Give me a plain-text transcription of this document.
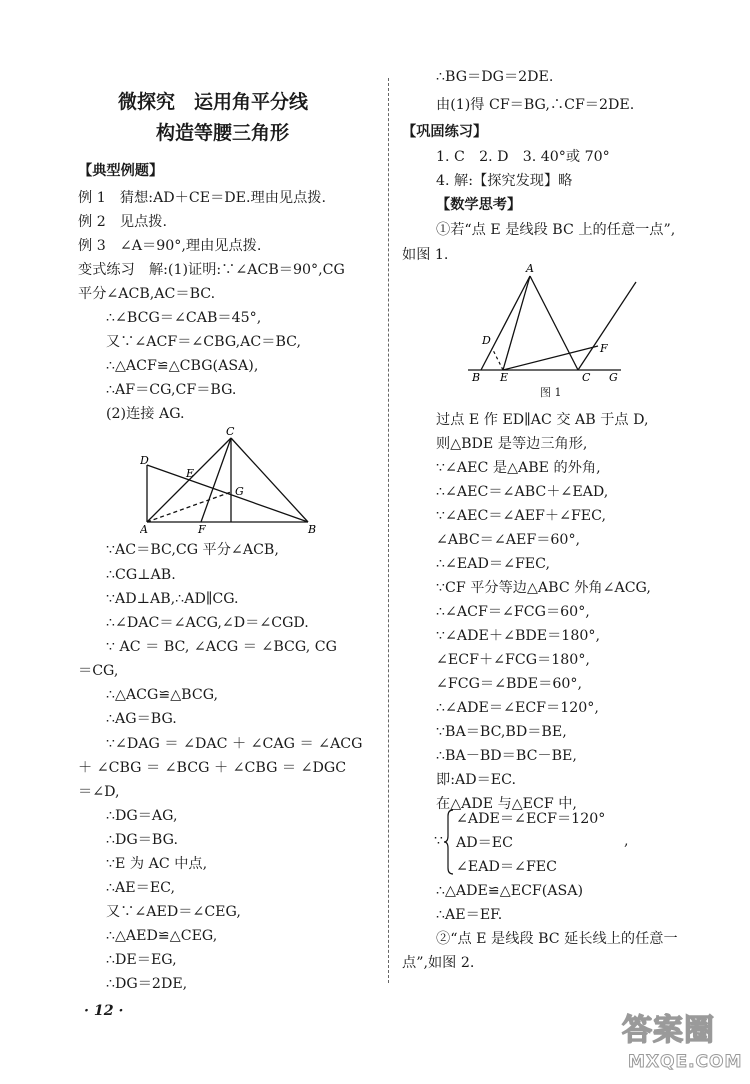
微探究　运用角平分线
构造等腰三角形
【典型例题】
例 1　猜想:AD＋CE＝DE.理由见点拨.
例 2　见点拨.
例 3　∠A＝90°,理由见点拨.
变式练习　解:(1)证明:∵∠ACB＝90°,CG
平分∠ACB,AC＝BC.
∴∠BCG＝∠CAB＝45°,
又∵∠ACF＝∠CBG,AC＝BC,
∴△ACF≌△CBG(ASA),
∴AF＝CG,CF＝BG.
(2)连接 AG.
C
D
E
G
A	F	B
∵AC＝BC,CG 平分∠ACB,
∴CG⊥AB.
∵AD⊥AB,∴AD∥CG.
∴∠DAC＝∠ACG,∠D＝∠CGD.
∵ AC ＝ BC, ∠ACG ＝ ∠BCG, CG
＝CG,
∴△ACG≌△BCG,
∴AG＝BG.
∵∠DAG ＝ ∠DAC ＋ ∠CAG ＝ ∠ACG
＋ ∠CBG ＝ ∠BCG ＋ ∠CBG ＝ ∠DGC
＝∠D,
∴DG＝AG,
∴DG＝BG.
∵E 为 AC 中点,
∴AE＝EC,
又∵∠AED＝∠CEG,
∴△AED≌△CEG,
∴DE＝EG,
∴DG＝2DE,
· 12 ·
∴BG＝DG＝2DE.
由(1)得 CF＝BG,∴CF＝2DE.
【巩固练习】
1. C　2. D　3. 40°或 70°
4. 解:【探究发现】略
【数学思考】
①若“点 E 是线段 BC 上的任意一点”,
如图 1.
A
D
F
B E	C G
图 1
过点 E 作 ED∥AC 交 AB 于点 D,
则△BDE 是等边三角形,
∵∠AEC 是△ABE 的外角,
∴∠AEC＝∠ABC＋∠EAD,
∵∠AEC＝∠AEF＋∠FEC,
∠ABC＝∠AEF＝60°,
∴∠EAD＝∠FEC,
∵CF 平分等边△ABC 外角∠ACG,
∴∠ACF＝∠FCG＝60°,
∵∠ADE＋∠BDE＝180°,
∠ECF＋∠FCG＝180°,
∠FCG＝∠BDE＝60°,
∴∠ADE＝∠ECF＝120°,
∵BA＝BC,BD＝BE,
∴BA－BD＝BC－BE,
即:AD＝EC.
在△ADE 与△ECF 中,
∵
∠ADE＝∠ECF＝120°
AD＝EC
∠EAD＝∠FEC
,
∴△ADE≌△ECF(ASA)
∴AE＝EF.
②“点 E 是线段 BC 延长线上的任意一
点”,如图 2.
答案圈
MXQE.COM
